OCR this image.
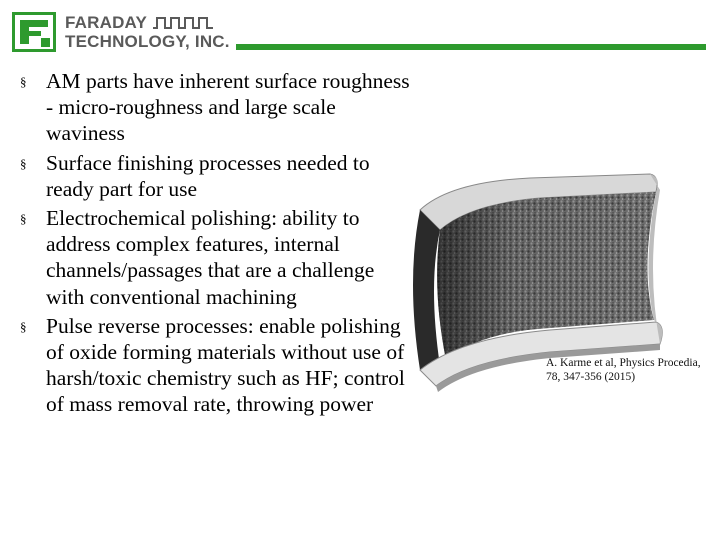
FARADAY
TECHNOLOGY, INC.
§ AM parts have inherent surface roughness - micro-roughness and large scale waviness
§ Surface finishing processes needed to ready part for use
§ Electrochemical polishing: ability to address complex features, internal channels/passages that are a challenge with conventional machining
§ Pulse reverse processes: enable polishing of oxide forming materials without use of harsh/toxic chemistry such as HF; control of mass removal rate, throwing power
A. Karme et al, Physics Procedia, 78, 347-356 (2015)
